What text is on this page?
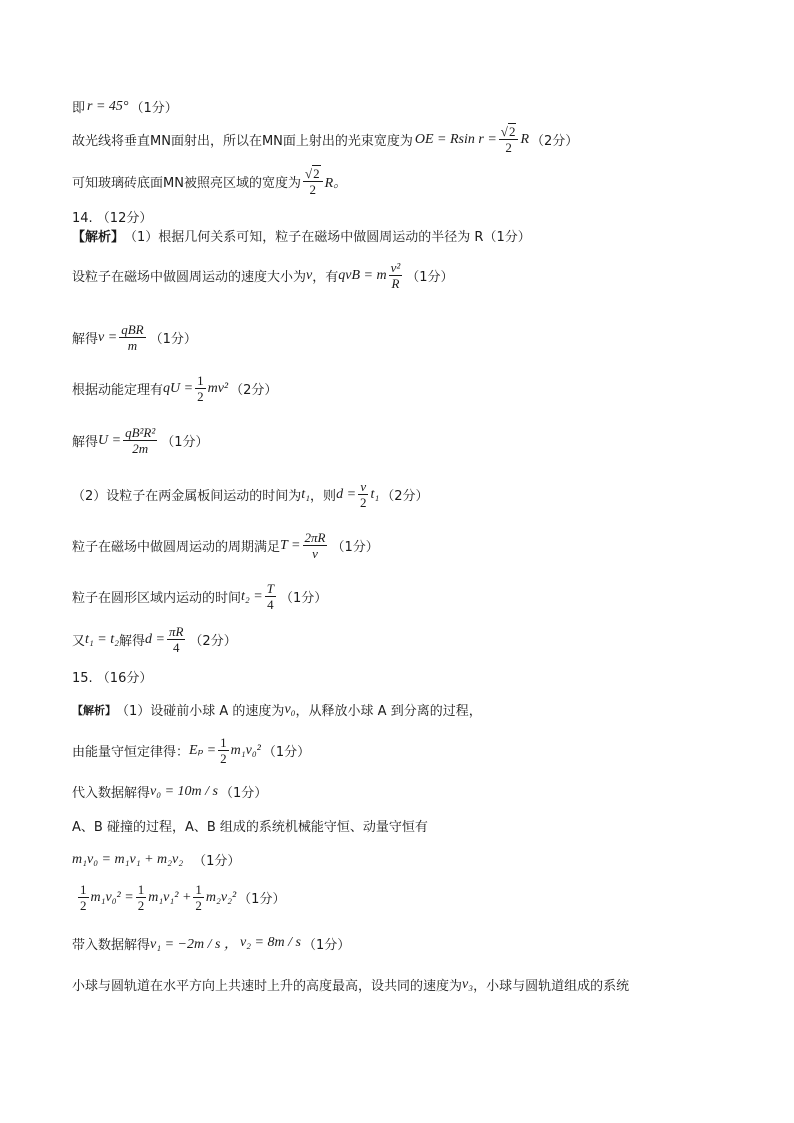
即 r = 45° （1分）
故光线将垂直MN面射出，所以在MN面上射出的光束宽度为 OE = Rsin $r = \frac{√2}{2}$ R （2分）
可知玻璃砖底面MN被照亮区域的宽度为 $\frac{√2}{2}$ R。
14. （12分）
【解析】 （1）根据几何关系可知，粒子在磁场中做圆周运动的半径为 R（1分）
设粒子在磁场中做圆周运动的速度大小为 v ，有 qvB = m $\frac{\text{v²}}{R} (1$分）
解得 $v = \frac{\text{qBR}}{m} (1$分）
根据动能定理有 qU = $\frac{1}{2} mv^2$ （2分）
解得 $U = \frac{\text{qB²R²}}{2m} (1$分）
（2）设粒子在两金属板间运动的时间为 t₁ ，则 $d = \frac{v}{2} t_1$ （2分）
粒子在磁场中做圆周运动的周期满足 $T = \frac{2\pi R}{v} (1$分）
粒子在圆形区域内运动的时间 $t_2 = \frac{T}{4} (1$分）
又 t₁ = t₂ 解得 $d = \frac{\pi R}{4} (2$分）
15. （16分）
【解析】 （1）设碰前小球 A 的速度为 v₀ ，从释放小球 A 到分离的过程，
由能量守恒定律得： $E_p = \frac{1}{2} m_1v_0^2$ （1分）
代入数据解得 v₀ = 10m / s （1分）
A、B 碰撞的过程，A、B 组成的系统机械能守恒、动量守恒有
m₁v₀ = m₁v₁ + m₂v₂ （1分）
$\frac{1}{2} m_1v_0^2 = \frac{1}{2} m_1v_1^2 + \frac{1}{2} m_2v_2^2$ （1分）
带入数据解得 v₁ = −2m / s ， v₂ = 8m / s （1分）
小球与圆轨道在水平方向上共速时上升的高度最高，设共同的速度为 v₃ ，小球与圆轨道组成的系统
